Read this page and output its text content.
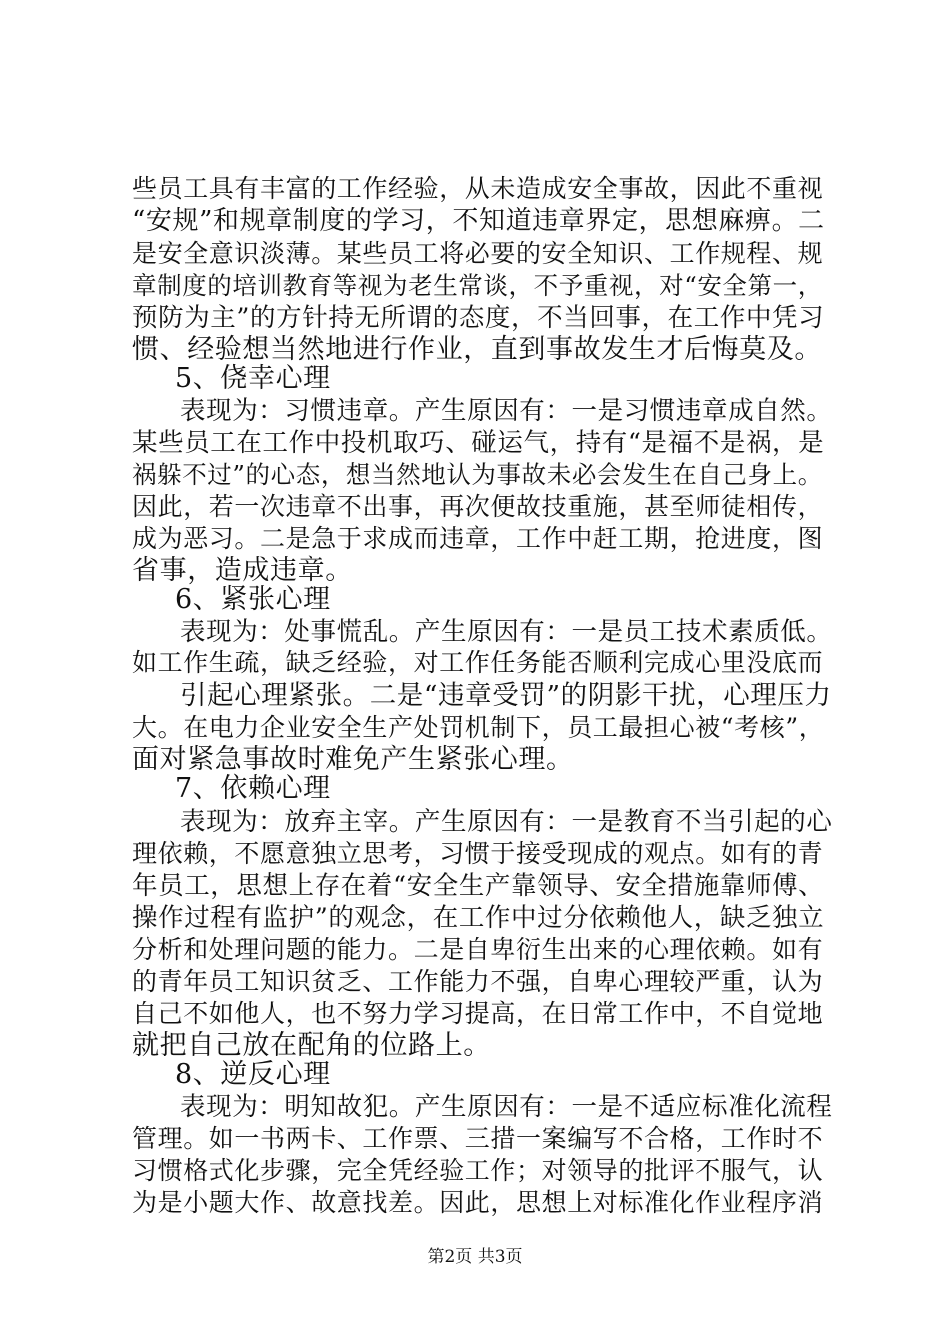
些员工具有丰富的工作经验，从未造成安全事故，因此不重视
“安规”和规章制度的学习，不知道违章界定，思想麻痹。二
是安全意识淡薄。某些员工将必要的安全知识、工作规程、规
章制度的培训教育等视为老生常谈，不予重视，对“安全第一，
预防为主”的方针持无所谓的态度，不当回事，在工作中凭习
惯、经验想当然地进行作业，直到事故发生才后悔莫及。
5、侥幸心理
表现为：习惯违章。产生原因有：一是习惯违章成自然。
某些员工在工作中投机取巧、碰运气，持有“是福不是祸，是
祸躲不过”的心态，想当然地认为事故未必会发生在自己身上。
因此，若一次违章不出事，再次便故技重施，甚至师徒相传，
成为恶习。二是急于求成而违章，工作中赶工期，抢进度，图
省事，造成违章。
6、紧张心理
表现为：处事慌乱。产生原因有：一是员工技术素质低。
如工作生疏，缺乏经验，对工作任务能否顺利完成心里没底而
引起心理紧张。二是“违章受罚”的阴影干扰，心理压力
大。在电力企业安全生产处罚机制下，员工最担心被“考核”，
面对紧急事故时难免产生紧张心理。
7、依赖心理
表现为：放弃主宰。产生原因有：一是教育不当引起的心
理依赖，不愿意独立思考，习惯于接受现成的观点。如有的青
年员工，思想上存在着“安全生产靠领导、安全措施靠师傅、
操作过程有监护”的观念，在工作中过分依赖他人，缺乏独立
分析和处理问题的能力。二是自卑衍生出来的心理依赖。如有
的青年员工知识贫乏、工作能力不强，自卑心理较严重，认为
自己不如他人，也不努力学习提高，在日常工作中，不自觉地
就把自己放在配角的位路上。
8、逆反心理
表现为：明知故犯。产生原因有：一是不适应标准化流程
管理。如一书两卡、工作票、三措一案编写不合格，工作时不
习惯格式化步骤，完全凭经验工作；对领导的批评不服气，认
为是小题大作、故意找差。因此，思想上对标准化作业程序消
第2页 共3页
